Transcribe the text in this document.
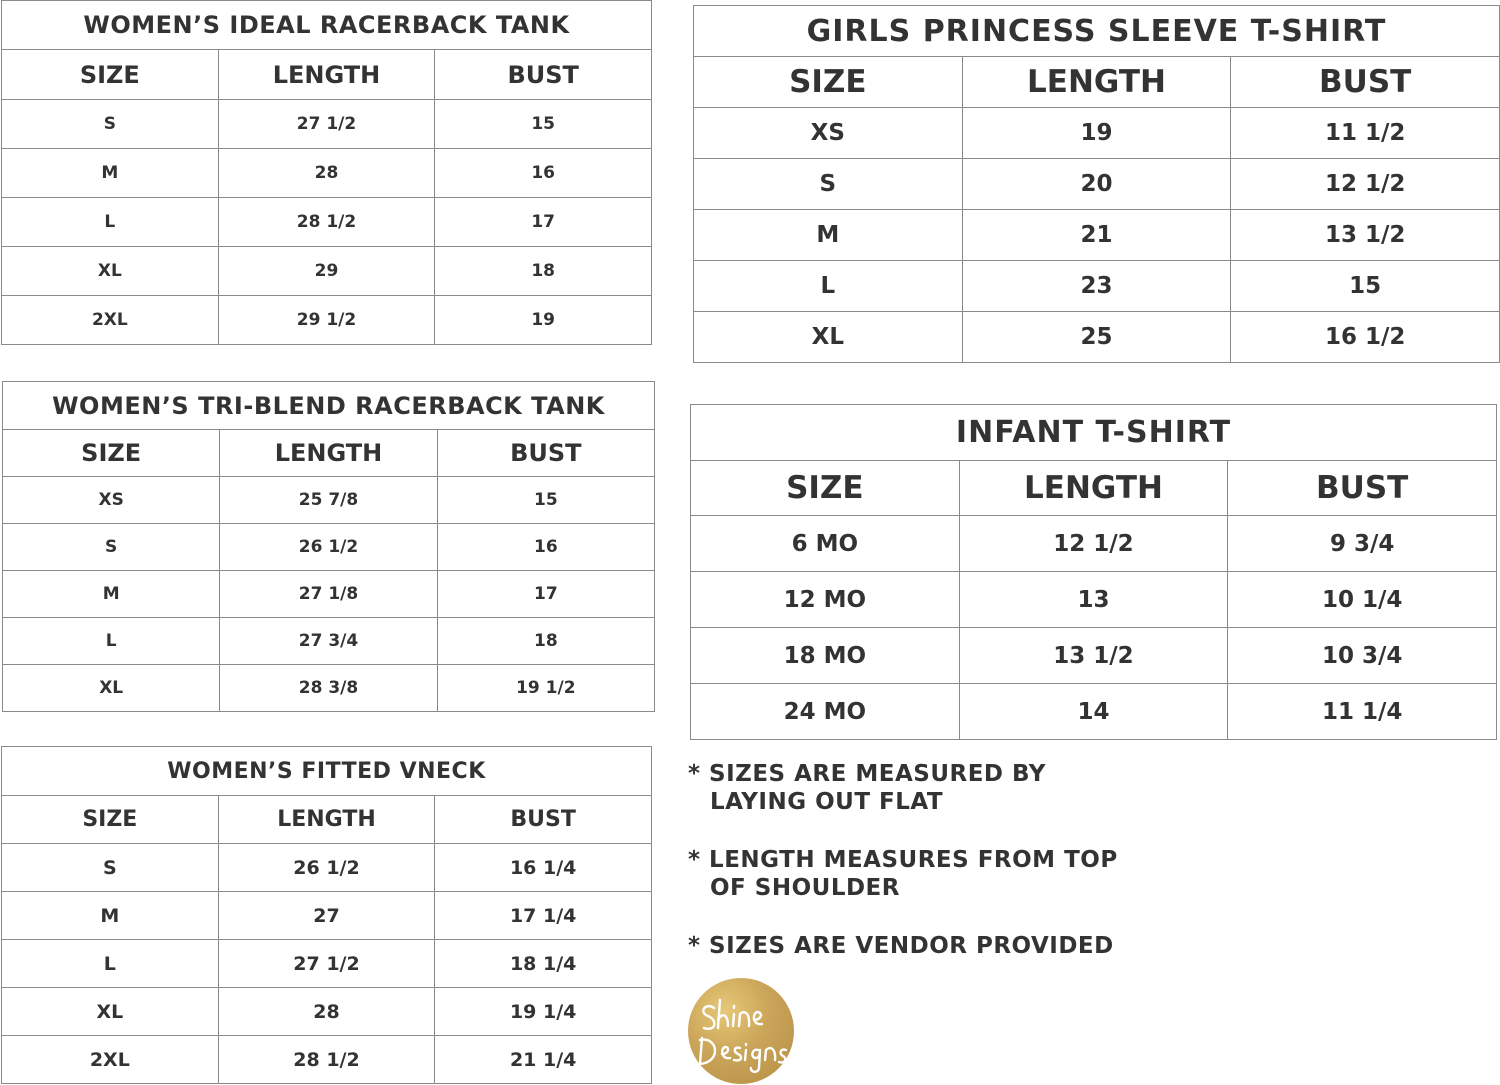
WOMEN’S IDEAL RACERBACK TANK		
SIZE	LENGTH	BUST
S	27 1/2	15
M	28	16
L	28 1/2	17
XL	29	18
2XL	29 1/2	19
GIRLS PRINCESS SLEEVE T-SHIRT		
SIZE	LENGTH	BUST
XS	19	11 1/2
S	20	12 1/2
M	21	13 1/2
L	23	15
XL	25	16 1/2
WOMEN’S TRI-BLEND RACERBACK TANK		
SIZE	LENGTH	BUST
XS	25 7/8	15
S	26 1/2	16
M	27 1/8	17
L	27 3/4	18
XL	28 3/8	19 1/2
INFANT T-SHIRT		
SIZE	LENGTH	BUST
6 MO	12 1/2	9 3/4
12 MO	13	10 1/4
18 MO	13 1/2	10 3/4
24 MO	14	11 1/4
WOMEN’S FITTED VNECK		
SIZE	LENGTH	BUST
S	26 1/2	16 1/4
M	27	17 1/4
L	27 1/2	18 1/4
XL	28	19 1/4
2XL	28 1/2	21 1/4

* SIZES ARE MEASURED BY
LAYING OUT FLAT

* LENGTH MEASURES FROM TOP
OF SHOULDER

* SIZES ARE VENDOR PROVIDED
